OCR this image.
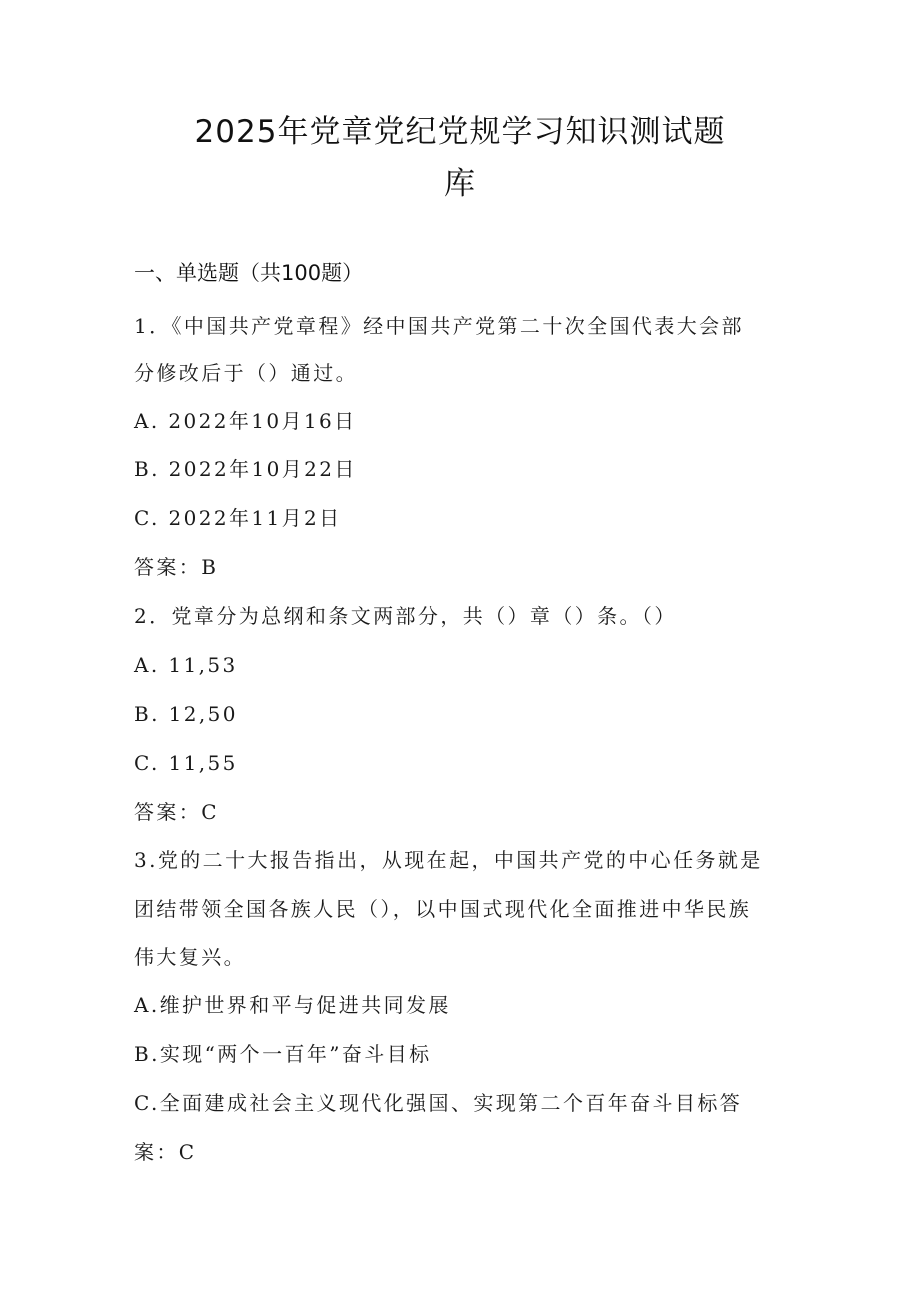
2025年党章党纪党规学习知识测试题
库
一、单选题（共100题）
1．《中国共产党章程》经中国共产党第二十次全国代表大会部
分修改后于（）通过。
A. 2022年10月16日
B. 2022年10月22日
C. 2022年11月2日
答案：B
2．党章分为总纲和条文两部分，共（）章（）条。（）
A. 11,53
B. 12,50
C. 11,55
答案：C
3.党的二十大报告指出，从现在起，中国共产党的中心任务就是
团结带领全国各族人民（），以中国式现代化全面推进中华民族
伟大复兴。
A.维护世界和平与促进共同发展
B.实现“两个一百年”奋斗目标
C.全面建成社会主义现代化强国、实现第二个百年奋斗目标答
案：C
